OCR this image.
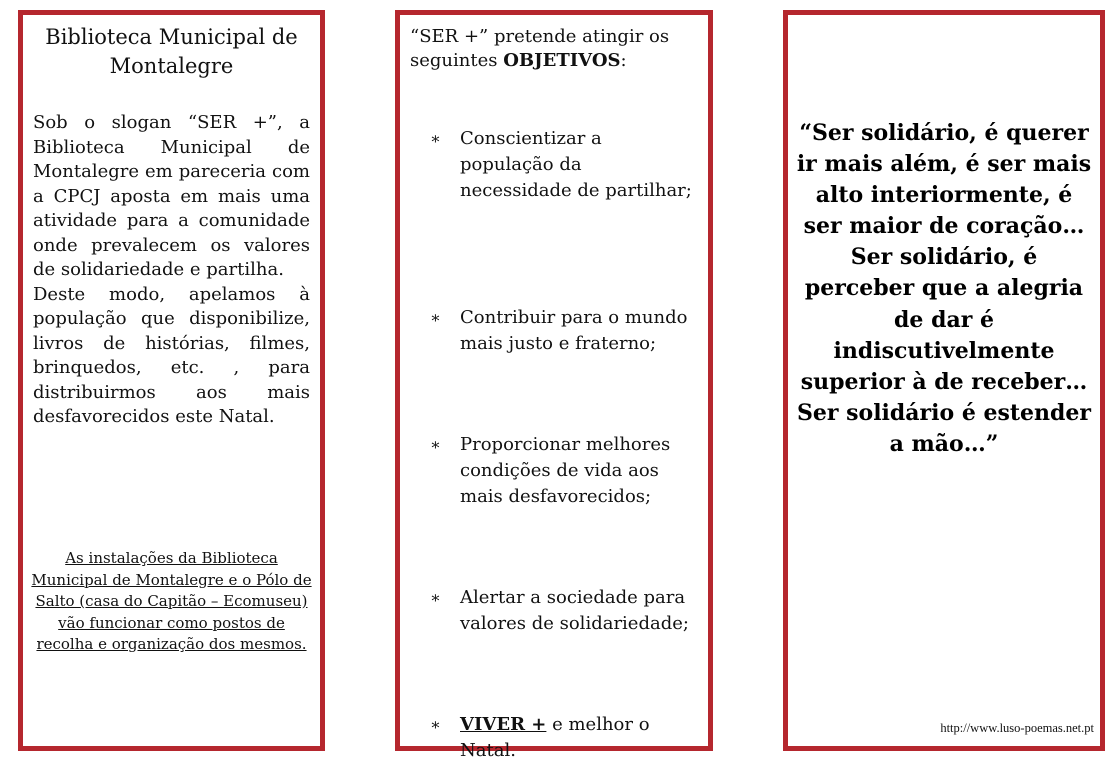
Biblioteca Municipal de
Montalegre

Sob o slogan “SER +”, a Biblioteca Municipal de Montalegre em pareceria com a CPCJ aposta em mais uma atividade para a comunidade onde prevalecem os valores de solidariedade e partilha.

Deste modo, apelamos à população que disponibilize, livros de histórias, filmes, brinquedos, etc. , para distribuirmos aos mais desfavorecidos este Natal.

As instalações da Biblioteca Municipal de Montalegre e o Pólo de Salto (casa do Capitão – Ecomuseu) vão funcionar como postos de recolha e organização dos mesmos.
“SER +” pretende atingir os seguintes OBJETIVOS:
∗ Conscientizar a população da necessidade de partilhar;
∗ Contribuir para o mundo mais justo e fraterno;
∗ Proporcionar melhores condições de vida aos mais desfavorecidos;
∗ Alertar a sociedade para valores de solidariedade;
∗ VIVER + e melhor o Natal.
“Ser solidário, é querer ir mais além, é ser mais alto interiormente, é ser maior de coração… Ser solidário, é perceber que a alegria de dar é indiscutivelmente superior à de receber… Ser solidário é estender a mão…”
http://www.luso-poemas.net.pt
